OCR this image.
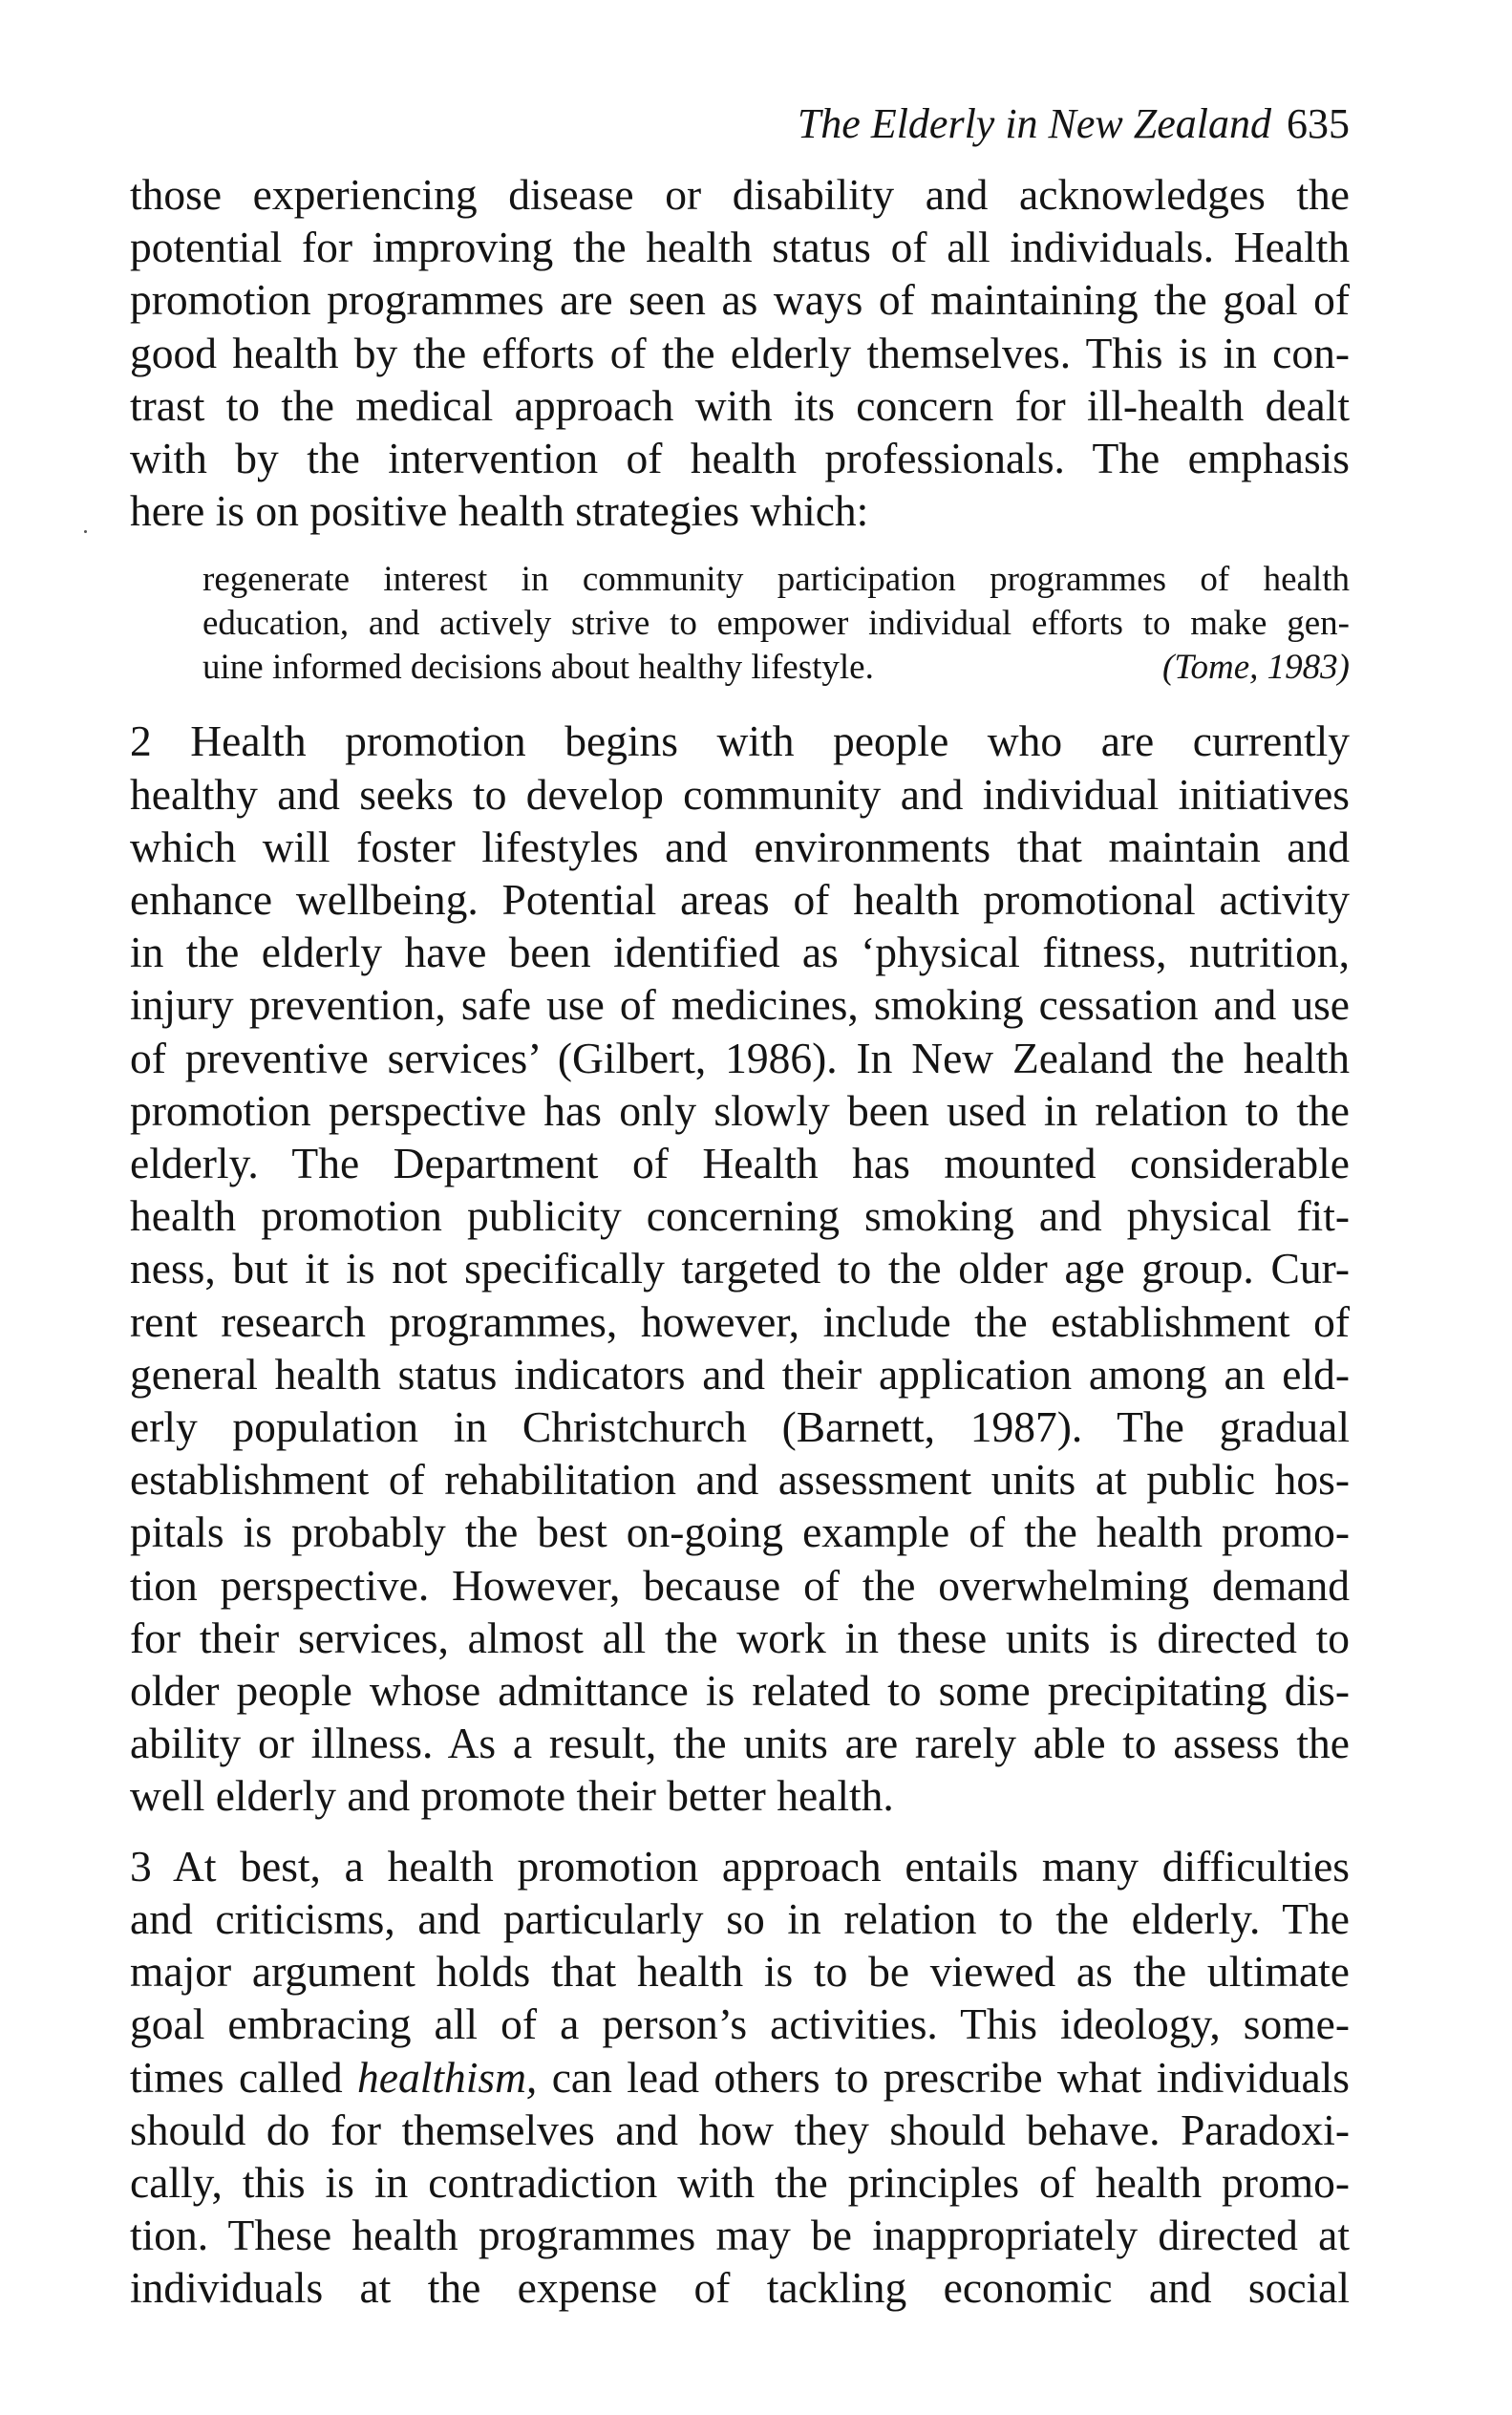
The Elderly in New Zealand 635

those experiencing disease or disability and acknowledges the
potential for improving the health status of all individuals. Health
promotion programmes are seen as ways of maintaining the goal of
good health by the efforts of the elderly themselves. This is in con-
trast to the medical approach with its concern for ill-health dealt
with by the intervention of health professionals. The emphasis
here is on positive health strategies which:

regenerate interest in community participation programmes of health
education, and actively strive to empower individual efforts to make gen-
uine informed decisions about healthy lifestyle.	(Tome, 1983)

2 Health promotion begins with people who are currently
healthy and seeks to develop community and individual initiatives
which will foster lifestyles and environments that maintain and
enhance wellbeing. Potential areas of health promotional activity
in the elderly have been identified as ‘physical fitness, nutrition,
injury prevention, safe use of medicines, smoking cessation and use
of preventive services’ (Gilbert, 1986). In New Zealand the health
promotion perspective has only slowly been used in relation to the
elderly. The Department of Health has mounted considerable
health promotion publicity concerning smoking and physical fit-
ness, but it is not specifically targeted to the older age group. Cur-
rent research programmes, however, include the establishment of
general health status indicators and their application among an eld-
erly population in Christchurch (Barnett, 1987). The gradual
establishment of rehabilitation and assessment units at public hos-
pitals is probably the best on-going example of the health promo-
tion perspective. However, because of the overwhelming demand
for their services, almost all the work in these units is directed to
older people whose admittance is related to some precipitating dis-
ability or illness. As a result, the units are rarely able to assess the
well elderly and promote their better health.

3 At best, a health promotion approach entails many difficulties
and criticisms, and particularly so in relation to the elderly. The
major argument holds that health is to be viewed as the ultimate
goal embracing all of a person’s activities. This ideology, some-
times called healthism, can lead others to prescribe what individuals
should do for themselves and how they should behave. Paradoxi-
cally, this is in contradiction with the principles of health promo-
tion. These health programmes may be inappropriately directed at
individuals at the expense of tackling economic and social
